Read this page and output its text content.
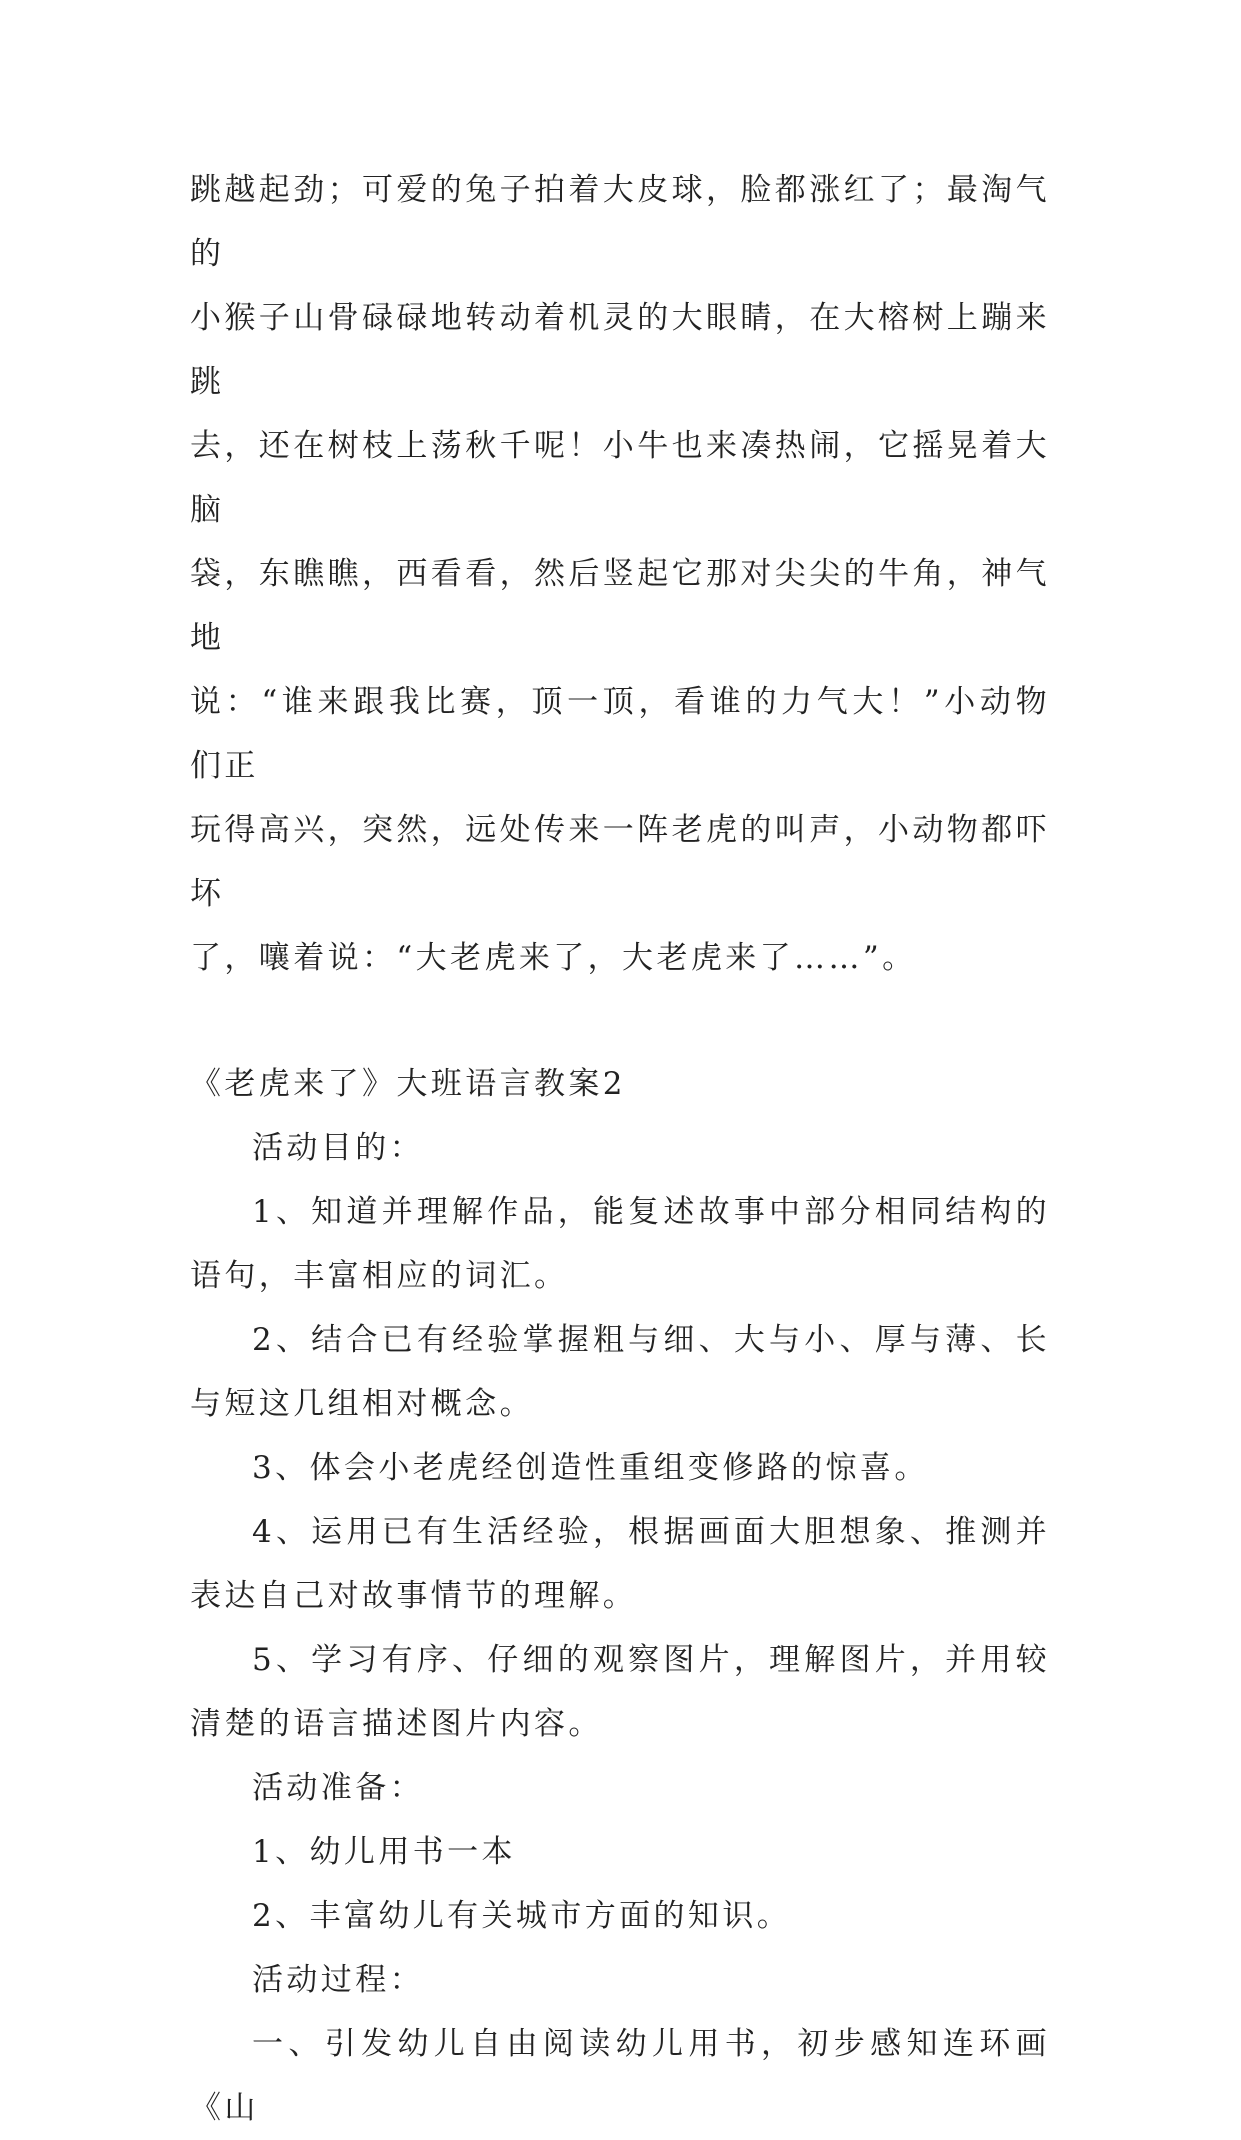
跳越起劲；可爱的兔子拍着大皮球，脸都涨红了；最淘气的

小猴子山骨碌碌地转动着机灵的大眼睛，在大榕树上蹦来跳

去，还在树枝上荡秋千呢！小牛也来凑热闹，它摇晃着大脑

袋，东瞧瞧，西看看，然后竖起它那对尖尖的牛角，神气地

说：“谁来跟我比赛，顶一顶，看谁的力气大！”小动物们正

玩得高兴，突然，远处传来一阵老虎的叫声，小动物都吓坏

了，嚷着说：“大老虎来了，大老虎来了……”。

《老虎来了》大班语言教案2

活动目的：

1、知道并理解作品，能复述故事中部分相同结构的语句，丰富相应的词汇。

2、结合已有经验掌握粗与细、大与小、厚与薄、长与短这几组相对概念。

3、体会小老虎经创造性重组变修路的惊喜。

4、运用已有生活经验，根据画面大胆想象、推测并表达自己对故事情节的理解。

5、学习有序、仔细的观察图片，理解图片，并用较清楚的语言描述图片内容。

活动准备：

1、幼儿用书一本

2、丰富幼儿有关城市方面的知识。

活动过程：

一、引发幼儿自由阅读幼儿用书，初步感知连环画《山
